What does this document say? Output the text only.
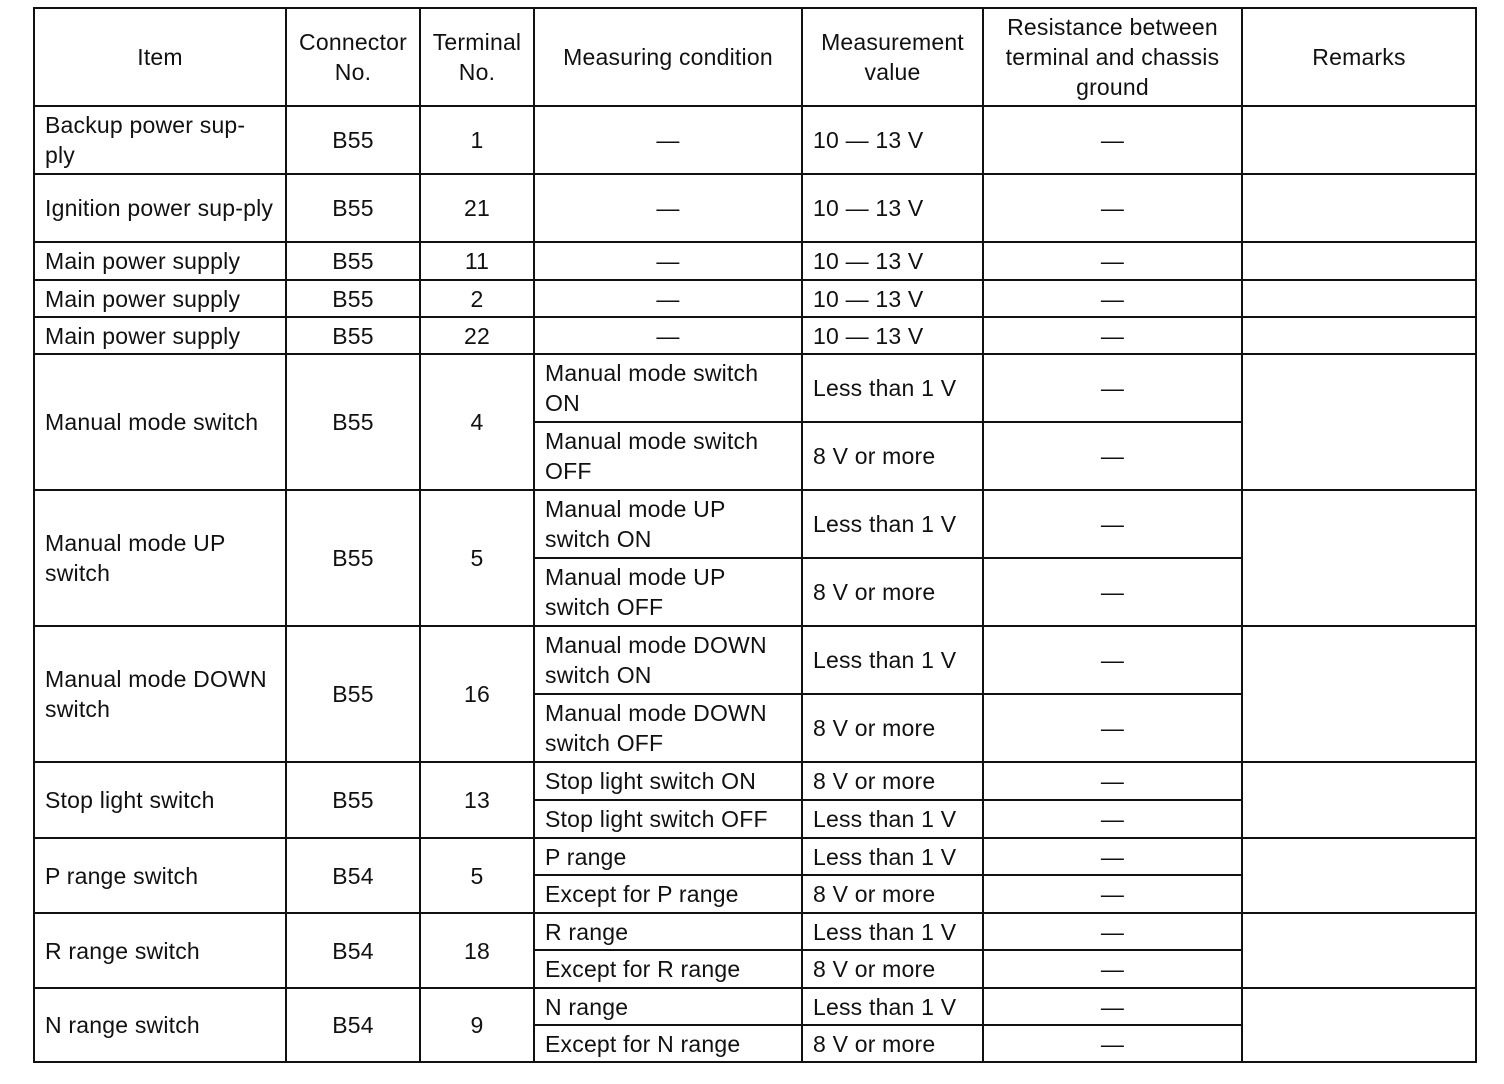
Item	Connector No.	Terminal No.	Measuring condition	Measurement value	Resistance between terminal and chassis ground	Remarks
Backup power sup-ply	B55	1	—	10 — 13 V	—	
Ignition power sup-ply	B55	21	—	10 — 13 V	—	
Main power supply	B55	11	—	10 — 13 V	—	
Main power supply	B55	2	—	10 — 13 V	—	
Main power supply	B55	22	—	10 — 13 V	—	
Manual mode switch	B55	4	Manual mode switch ON	Less than 1 V	—	
			Manual mode switch OFF	8 V or more	—	
Manual mode UP switch	B55	5	Manual mode UP switch ON	Less than 1 V	—	
			Manual mode UP switch OFF	8 V or more	—	
Manual mode DOWN switch	B55	16	Manual mode DOWN switch ON	Less than 1 V	—	
			Manual mode DOWN switch OFF	8 V or more	—	
Stop light switch	B55	13	Stop light switch ON	8 V or more	—	
			Stop light switch OFF	Less than 1 V	—	
P range switch	B54	5	P range	Less than 1 V	—	
			Except for P range	8 V or more	—	
R range switch	B54	18	R range	Less than 1 V	—	
			Except for R range	8 V or more	—	
N range switch	B54	9	N range	Less than 1 V	—	
			Except for N range	8 V or more	—	
